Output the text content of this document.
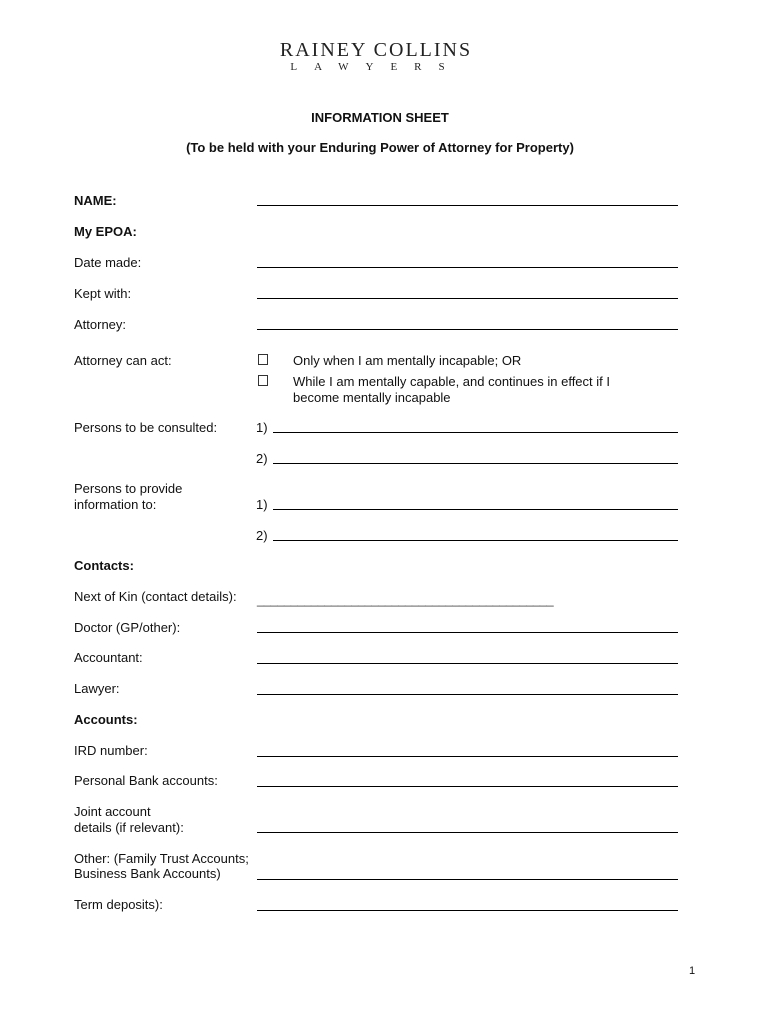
RAINEY COLLINS
LAWYERS
INFORMATION SHEET
(To be held with your Enduring Power of Attorney for Property)
NAME:
My EPOA:
Date made:
Kept with:
Attorney:
Attorney can act:	Only when I am mentally incapable; OR
While I am mentally capable, and continues in effect if I become mentally incapable
Persons to be consulted:	1)
2)
Persons to provide
information to:	1)
2)
Contacts:
Next of Kin (contact details): ____________________________________________
Doctor (GP/other):
Accountant:
Lawyer:
Accounts:
IRD number:
Personal Bank accounts:
Joint account
details (if relevant):
Other: (Family Trust Accounts;
Business Bank Accounts)
Term deposits):
1
